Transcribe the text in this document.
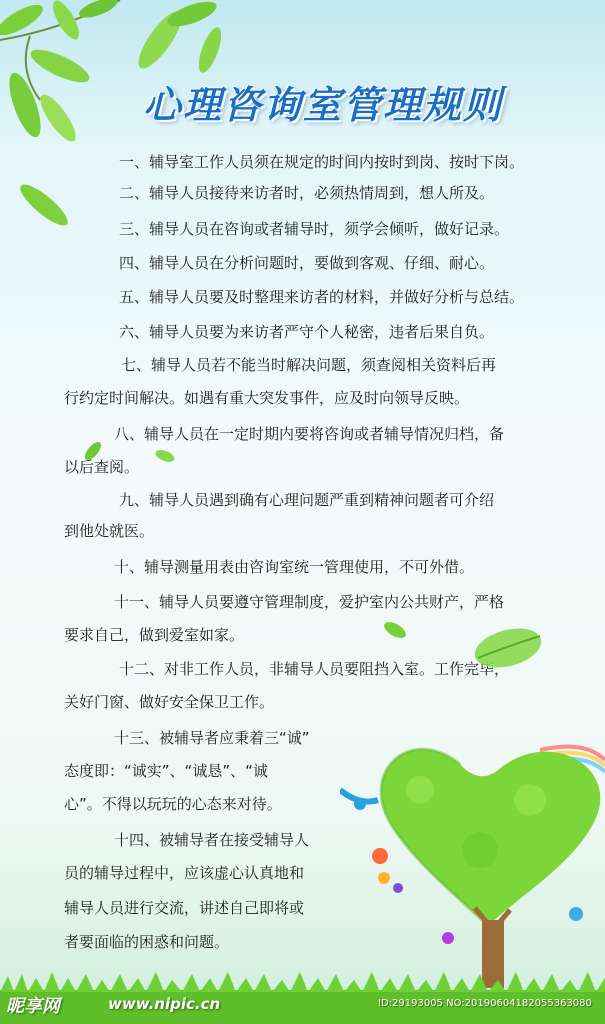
心理咨询室管理规则

一、辅导室工作人员须在规定的时间内按时到岗、按时下岗。

二、辅导人员接待来访者时，必须热情周到，想人所及。

三、辅导人员在咨询或者辅导时，须学会倾听，做好记录。

四、辅导人员在分析问题时，要做到客观、仔细、耐心。

五、辅导人员要及时整理来访者的材料，并做好分析与总结。

六、辅导人员要为来访者严守个人秘密，违者后果自负。

七、辅导人员若不能当时解决问题，须查阅相关资料后再

行约定时间解决。如遇有重大突发事件，应及时向领导反映。

八、辅导人员在一定时期内要将咨询或者辅导情况归档，备

以后查阅。

九、辅导人员遇到确有心理问题严重到精神问题者可介绍

到他处就医。

十、辅导测量用表由咨询室统一管理使用，不可外借。

十一、辅导人员要遵守管理制度，爱护室内公共财产，严格

要求自己，做到爱室如家。

十二、对非工作人员，非辅导人员要阻挡入室。工作完毕，

关好门窗、做好安全保卫工作。

十三、被辅导者应秉着三“诚”

态度即：“诚实”、“诚恳”、“诚

心”。不得以玩玩的心态来对待。

十四、被辅导者在接受辅导人

员的辅导过程中，应该虚心认真地和

辅导人员进行交流，讲述自己即将或

者要面临的困惑和问题。

昵享网	www.nipic.cn	ID:29193005 NO:20190604182055363080
